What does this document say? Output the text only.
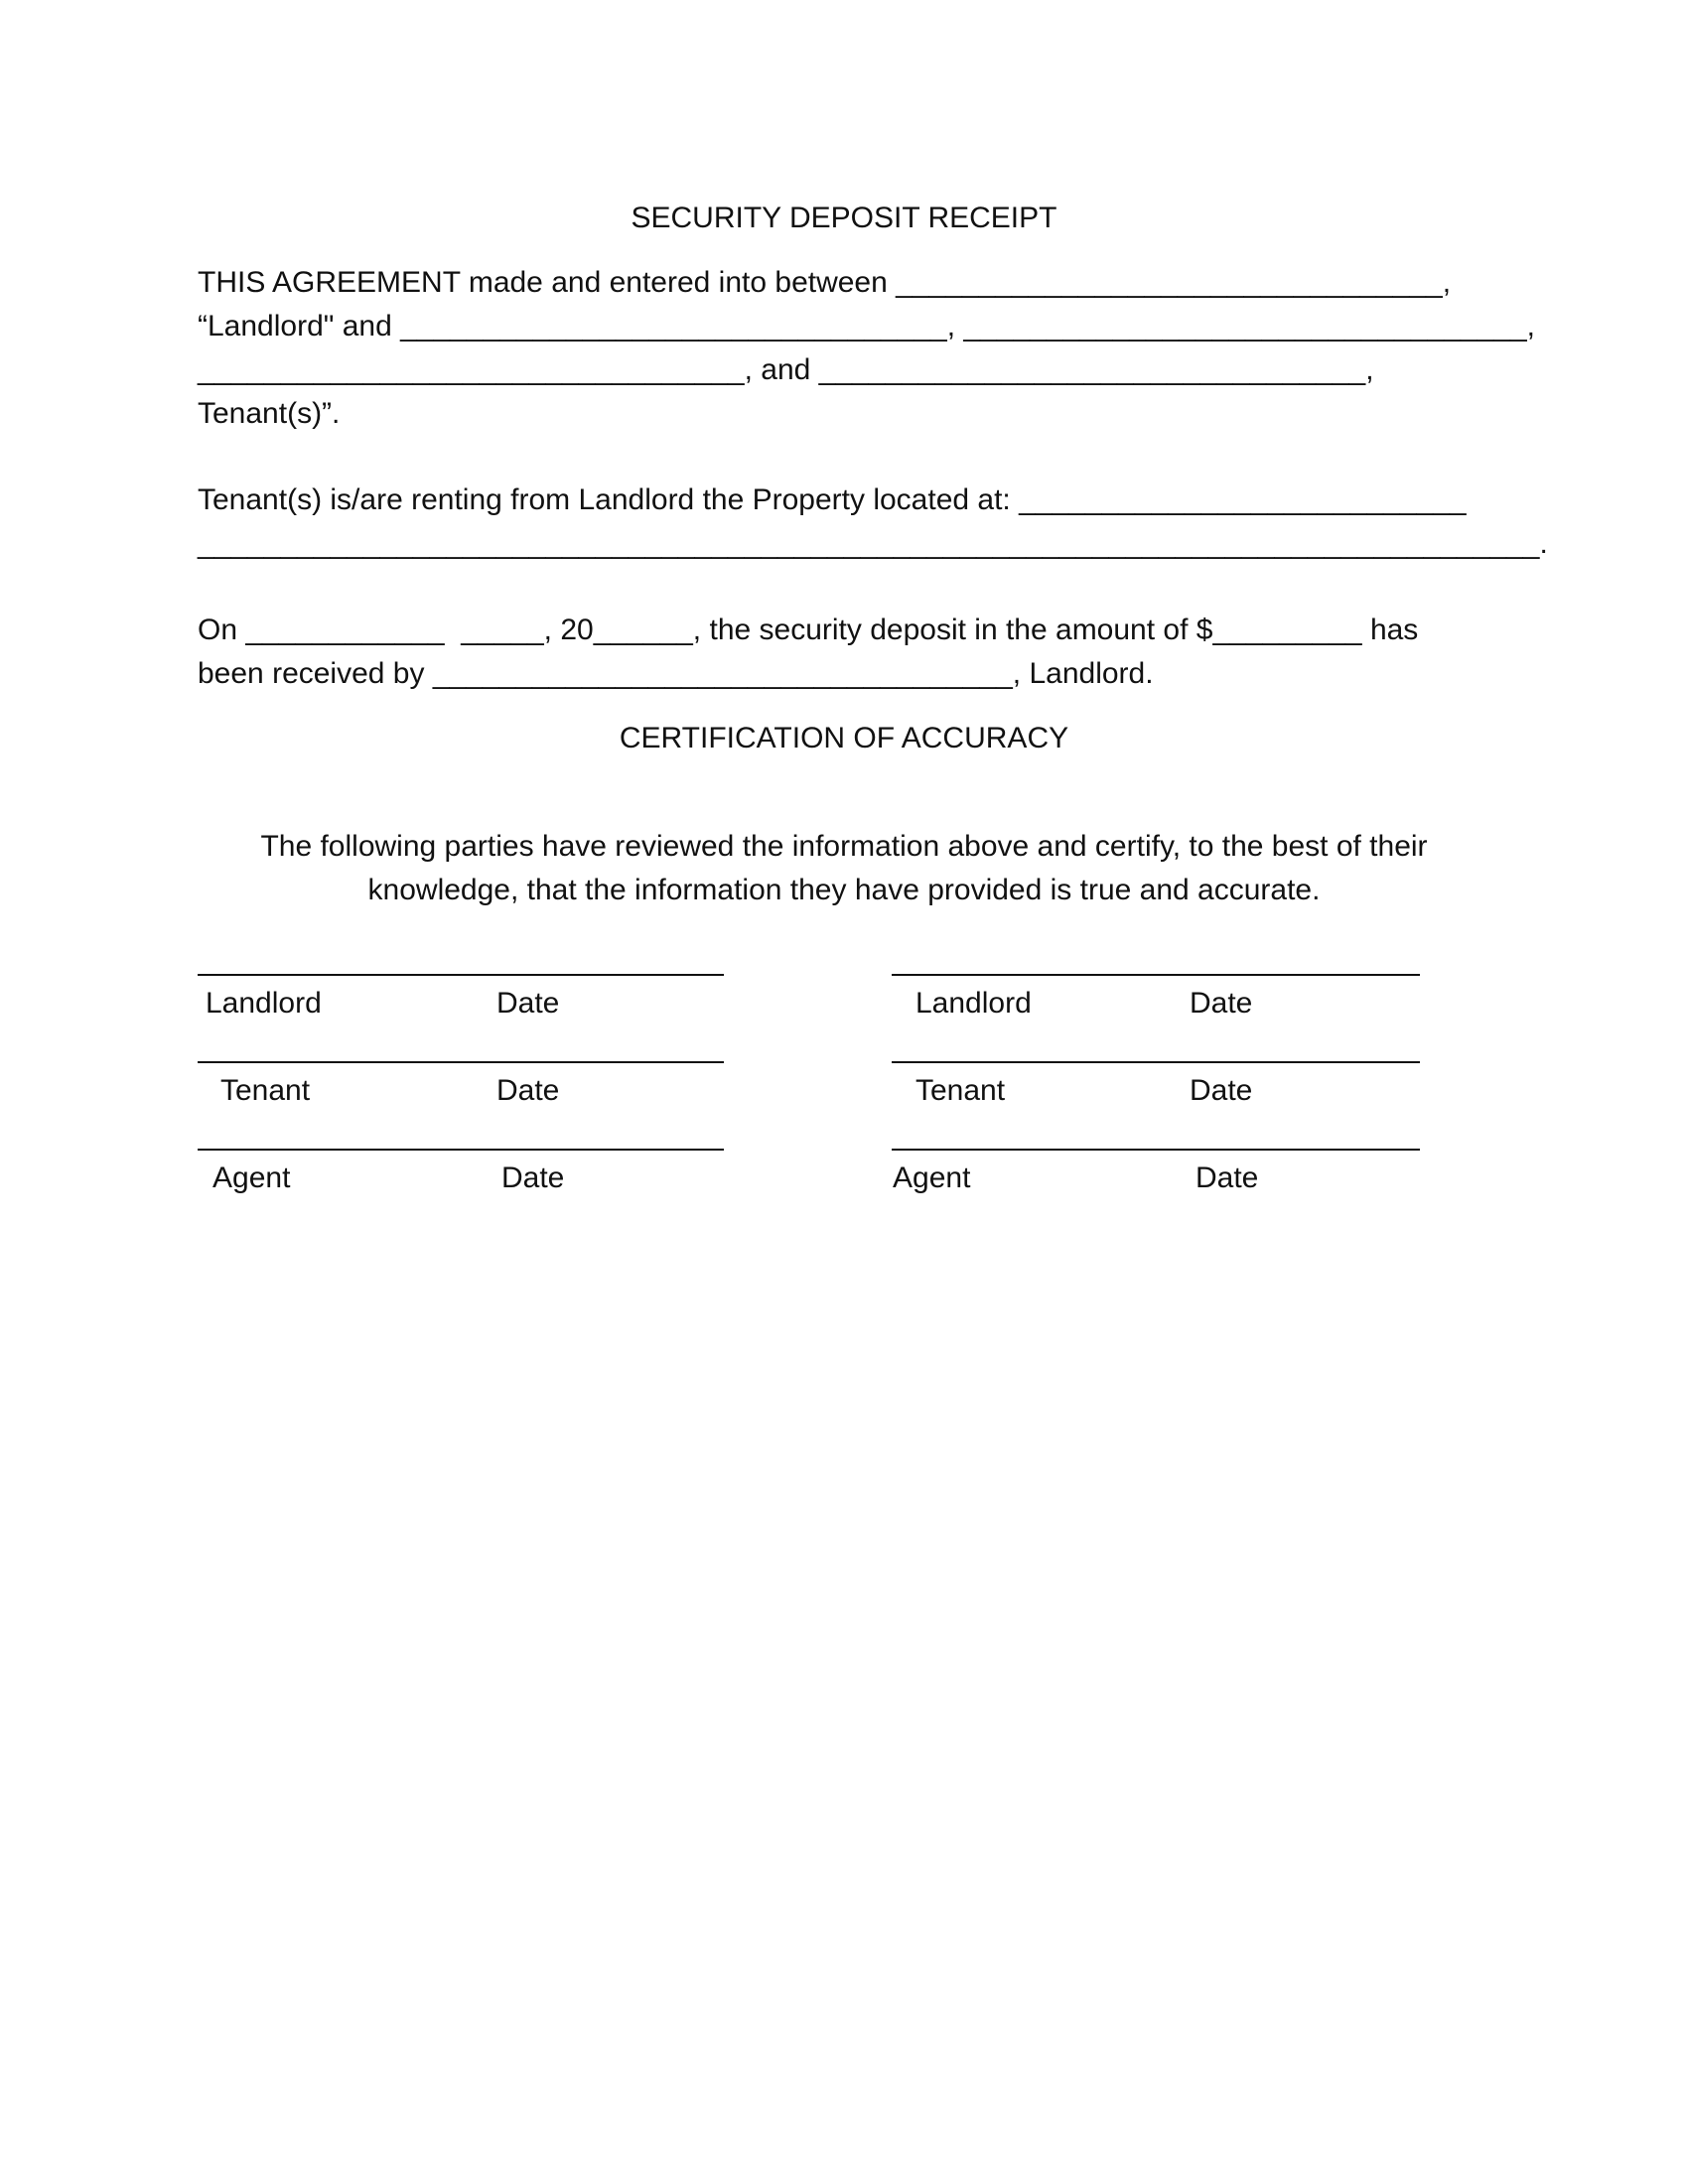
SECURITY DEPOSIT RECEIPT
THIS AGREEMENT made and entered into between _________________________________,
“Landlord" and _________________________________, __________________________________,
_________________________________, and _________________________________,
Tenant(s)”.
Tenant(s) is/are renting from Landlord the Property located at: ___________________________
_________________________________________________________________________________.
On ____________  _____, 20______, the security deposit in the amount of $_________ has
been received by ___________________________________, Landlord.
CERTIFICATION OF ACCURACY
The following parties have reviewed the information above and certify, to the best of their
knowledge, that the information they have provided is true and accurate.
Landlord	Date
Tenant	Date
Agent	Date
Landlord	Date
Tenant	Date
Agent	Date
